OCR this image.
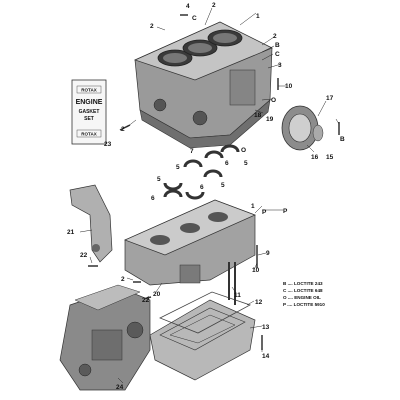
ROTAX
ENGINE
GASKET
SET
ROTAX
1
2
2
4
C
2
B
C
3
10
O
18
19
2
17
B
16 15
23
7	O
5
6
5
5
5
6
6
1
P
21
22	9
10
2
22
20	11
12
13
14
24
P
B .... LOCTITE 243
C .... LOCTITE 648
O .... ENGINE OIL
P .... LOCTITE 5910
